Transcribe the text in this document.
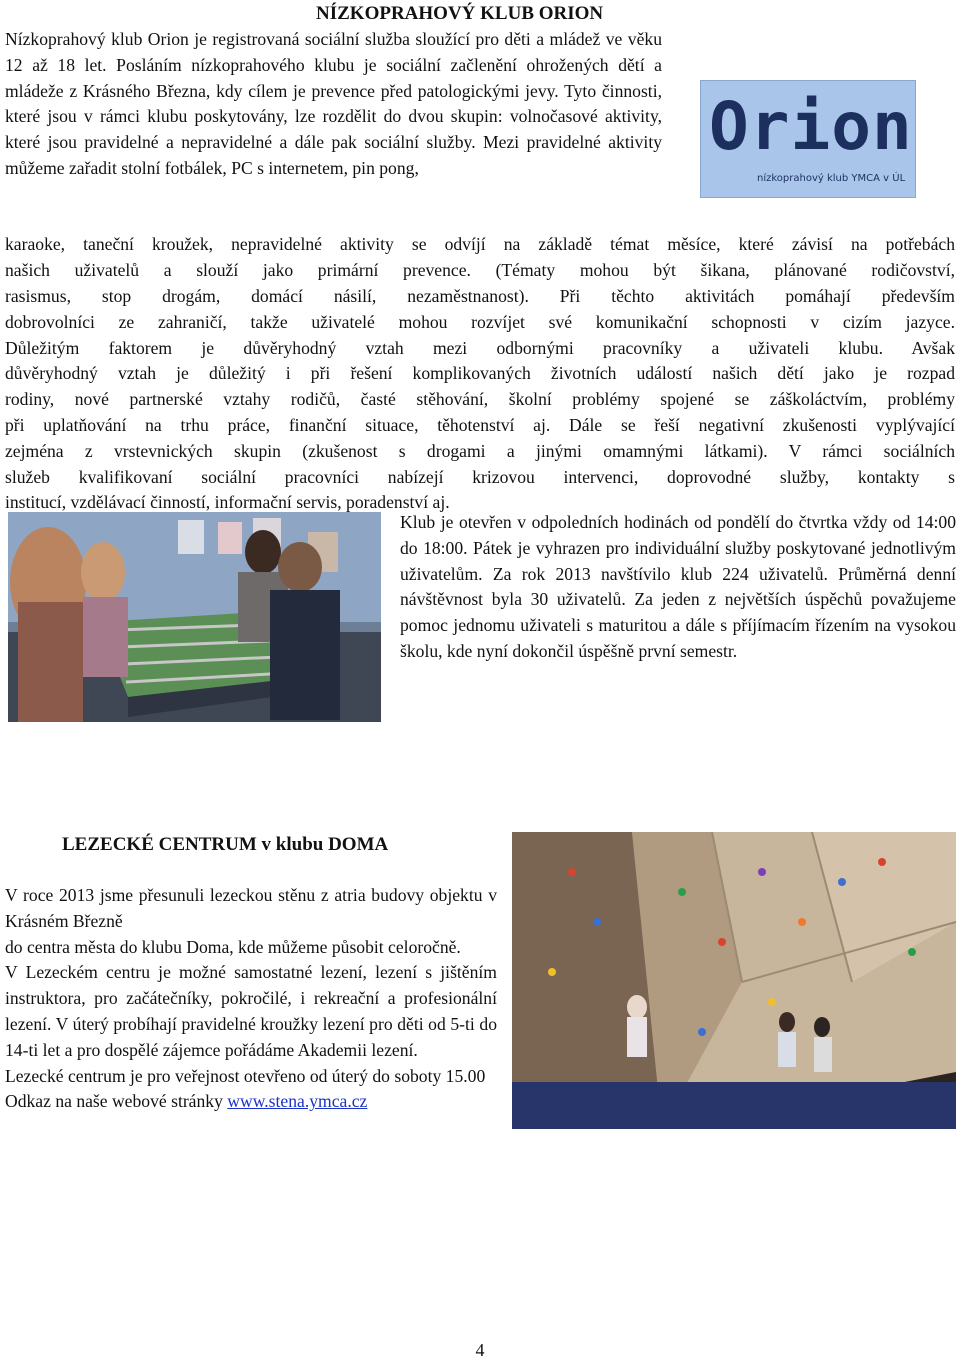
NÍZKOPRAHOVÝ KLUB ORION

Nízkoprahový klub Orion je registrovaná sociální služba sloužící pro děti a mládež ve věku 12 až 18 let. Posláním nízkoprahového klubu je sociální začlenění ohrožených dětí a mládeže z Krásného Března, kdy cílem je prevence před patologickými jevy. Tyto činnosti, které jsou v rámci klubu poskytovány, lze rozdělit do dvou skupin: volnočasové aktivity, které jsou pravidelné a nepravidelné a dále pak sociální služby. Mezi pravidelné aktivity můžeme zařadit stolní fotbálek, PC s internetem, pin pong,

Orion
nízkoprahový klub YMCA v ÚL
karaoke, taneční kroužek, nepravidelné aktivity se odvíjí na základě témat měsíce, které závisí na potřebách
našich uživatelů a slouží jako primární prevence. (Tématy mohou být šikana, plánované rodičovství,
rasismus, stop drogám, domácí násilí, nezaměstnanost). Při těchto aktivitách pomáhají především
dobrovolníci ze zahraničí, takže uživatelé mohou rozvíjet své komunikační schopnosti v cizím jazyce.
Důležitým faktorem je důvěryhodný vztah mezi odbornými pracovníky a uživateli klubu. Avšak
důvěryhodný vztah je důležitý i při řešení komplikovaných životních událostí našich dětí jako je rozpad
rodiny, nové partnerské vztahy rodičů, časté stěhování, školní problémy spojené se záškoláctvím, problémy
při uplatňování na trhu práce, finanční situace, těhotenství aj. Dále se řeší negativní zkušenosti vyplývající
zejména z vrstevnických skupin (zkušenost s drogami a jinými omamnými látkami). V rámci sociálních
služeb kvalifikovaní sociální pracovníci nabízejí krizovou intervenci, doprovodné služby, kontakty s
institucí, vzdělávací činností, informační servis, poradenství aj.

Klub je otevřen v odpoledních hodinách od pondělí do čtvrtka vždy od 14:00 do 18:00. Pátek je vyhrazen pro individuální služby poskytované jednotlivým uživatelům. Za rok 2013 navštívilo klub 224 uživatelů. Průměrná denní návštěvnost byla 30 uživatelů. Za jeden z největších úspěchů považujeme pomoc jednomu uživateli s maturitou a dále s příjímacím řízením na vysokou školu, kde nyní dokončil úspěšně první semestr.

LEZECKÉ CENTRUM v klubu DOMA

V roce 2013 jsme přesunuli lezeckou stěnu z atria budovy objektu v Krásném Březně

do centra města do klubu Doma, kde můžeme působit celoročně.

V Lezeckém centru je možné samostatné lezení, lezení s jištěním instruktora, pro začátečníky, pokročilé, i rekreační a profesionální lezení. V úterý probíhají pravidelné kroužky lezení pro děti od 5-ti do 14-ti let a pro dospělé zájemce pořádáme Akademii lezení.

Lezecké centrum je pro veřejnost otevřeno od úterý do soboty 15.00

Odkaz na naše webové stránky www.stena.ymca.cz

4
